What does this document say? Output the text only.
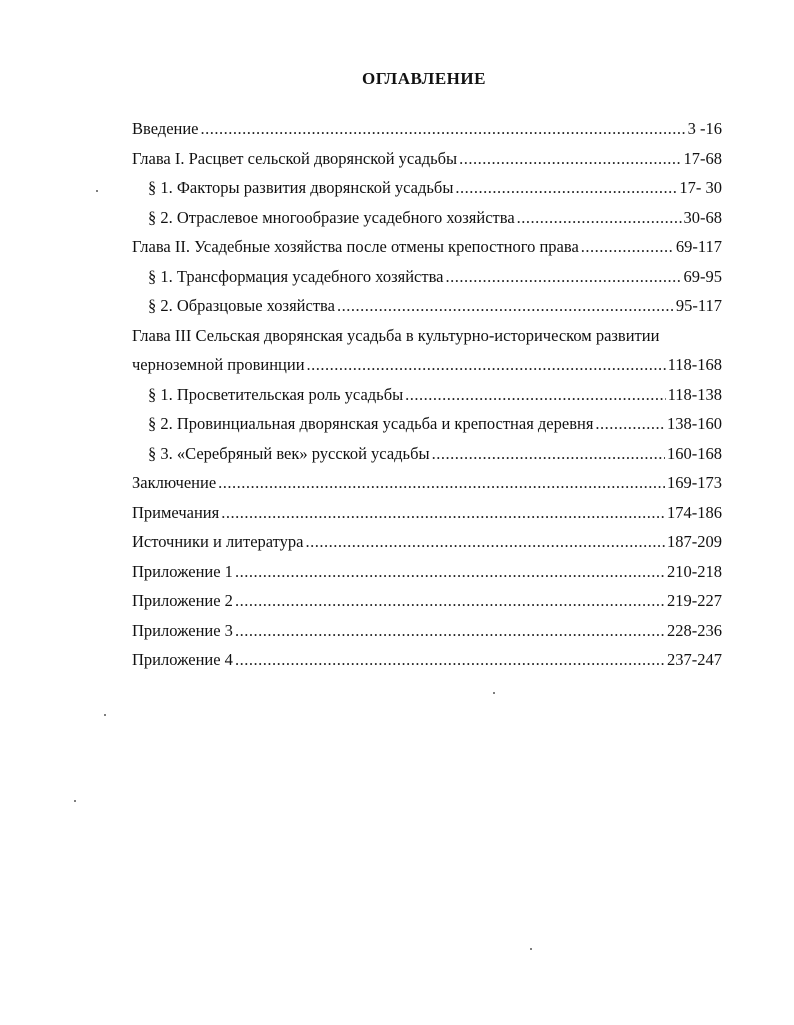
ОГЛАВЛЕНИЕ
Введение .....	3 -16
Глава I. Расцвет сельской дворянской усадьбы .....	17-68
§ 1. Факторы развития дворянской усадьбы .....	17- 30
§ 2. Отраслевое многообразие усадебного хозяйства .....	30-68
Глава II. Усадебные хозяйства после отмены крепостного права .....	69-117
§ 1. Трансформация усадебного хозяйства .....	69-95
§ 2. Образцовые хозяйства .....	95-117
Глава III Сельская дворянская усадьба в культурно-историческом развитии
черноземной провинции .....	118-168
§ 1. Просветительская роль усадьбы .....	118-138
§ 2. Провинциальная дворянская усадьба и крепостная деревня .....	138-160
§ 3. «Серебряный век» русской усадьбы .....	160-168
Заключение .....	169-173
Примечания .....	174-186
Источники и литература .....	187-209
Приложение 1 .....	210-218
Приложение 2 .....	219-227
Приложение 3 .....	228-236
Приложение 4 .....	237-247
